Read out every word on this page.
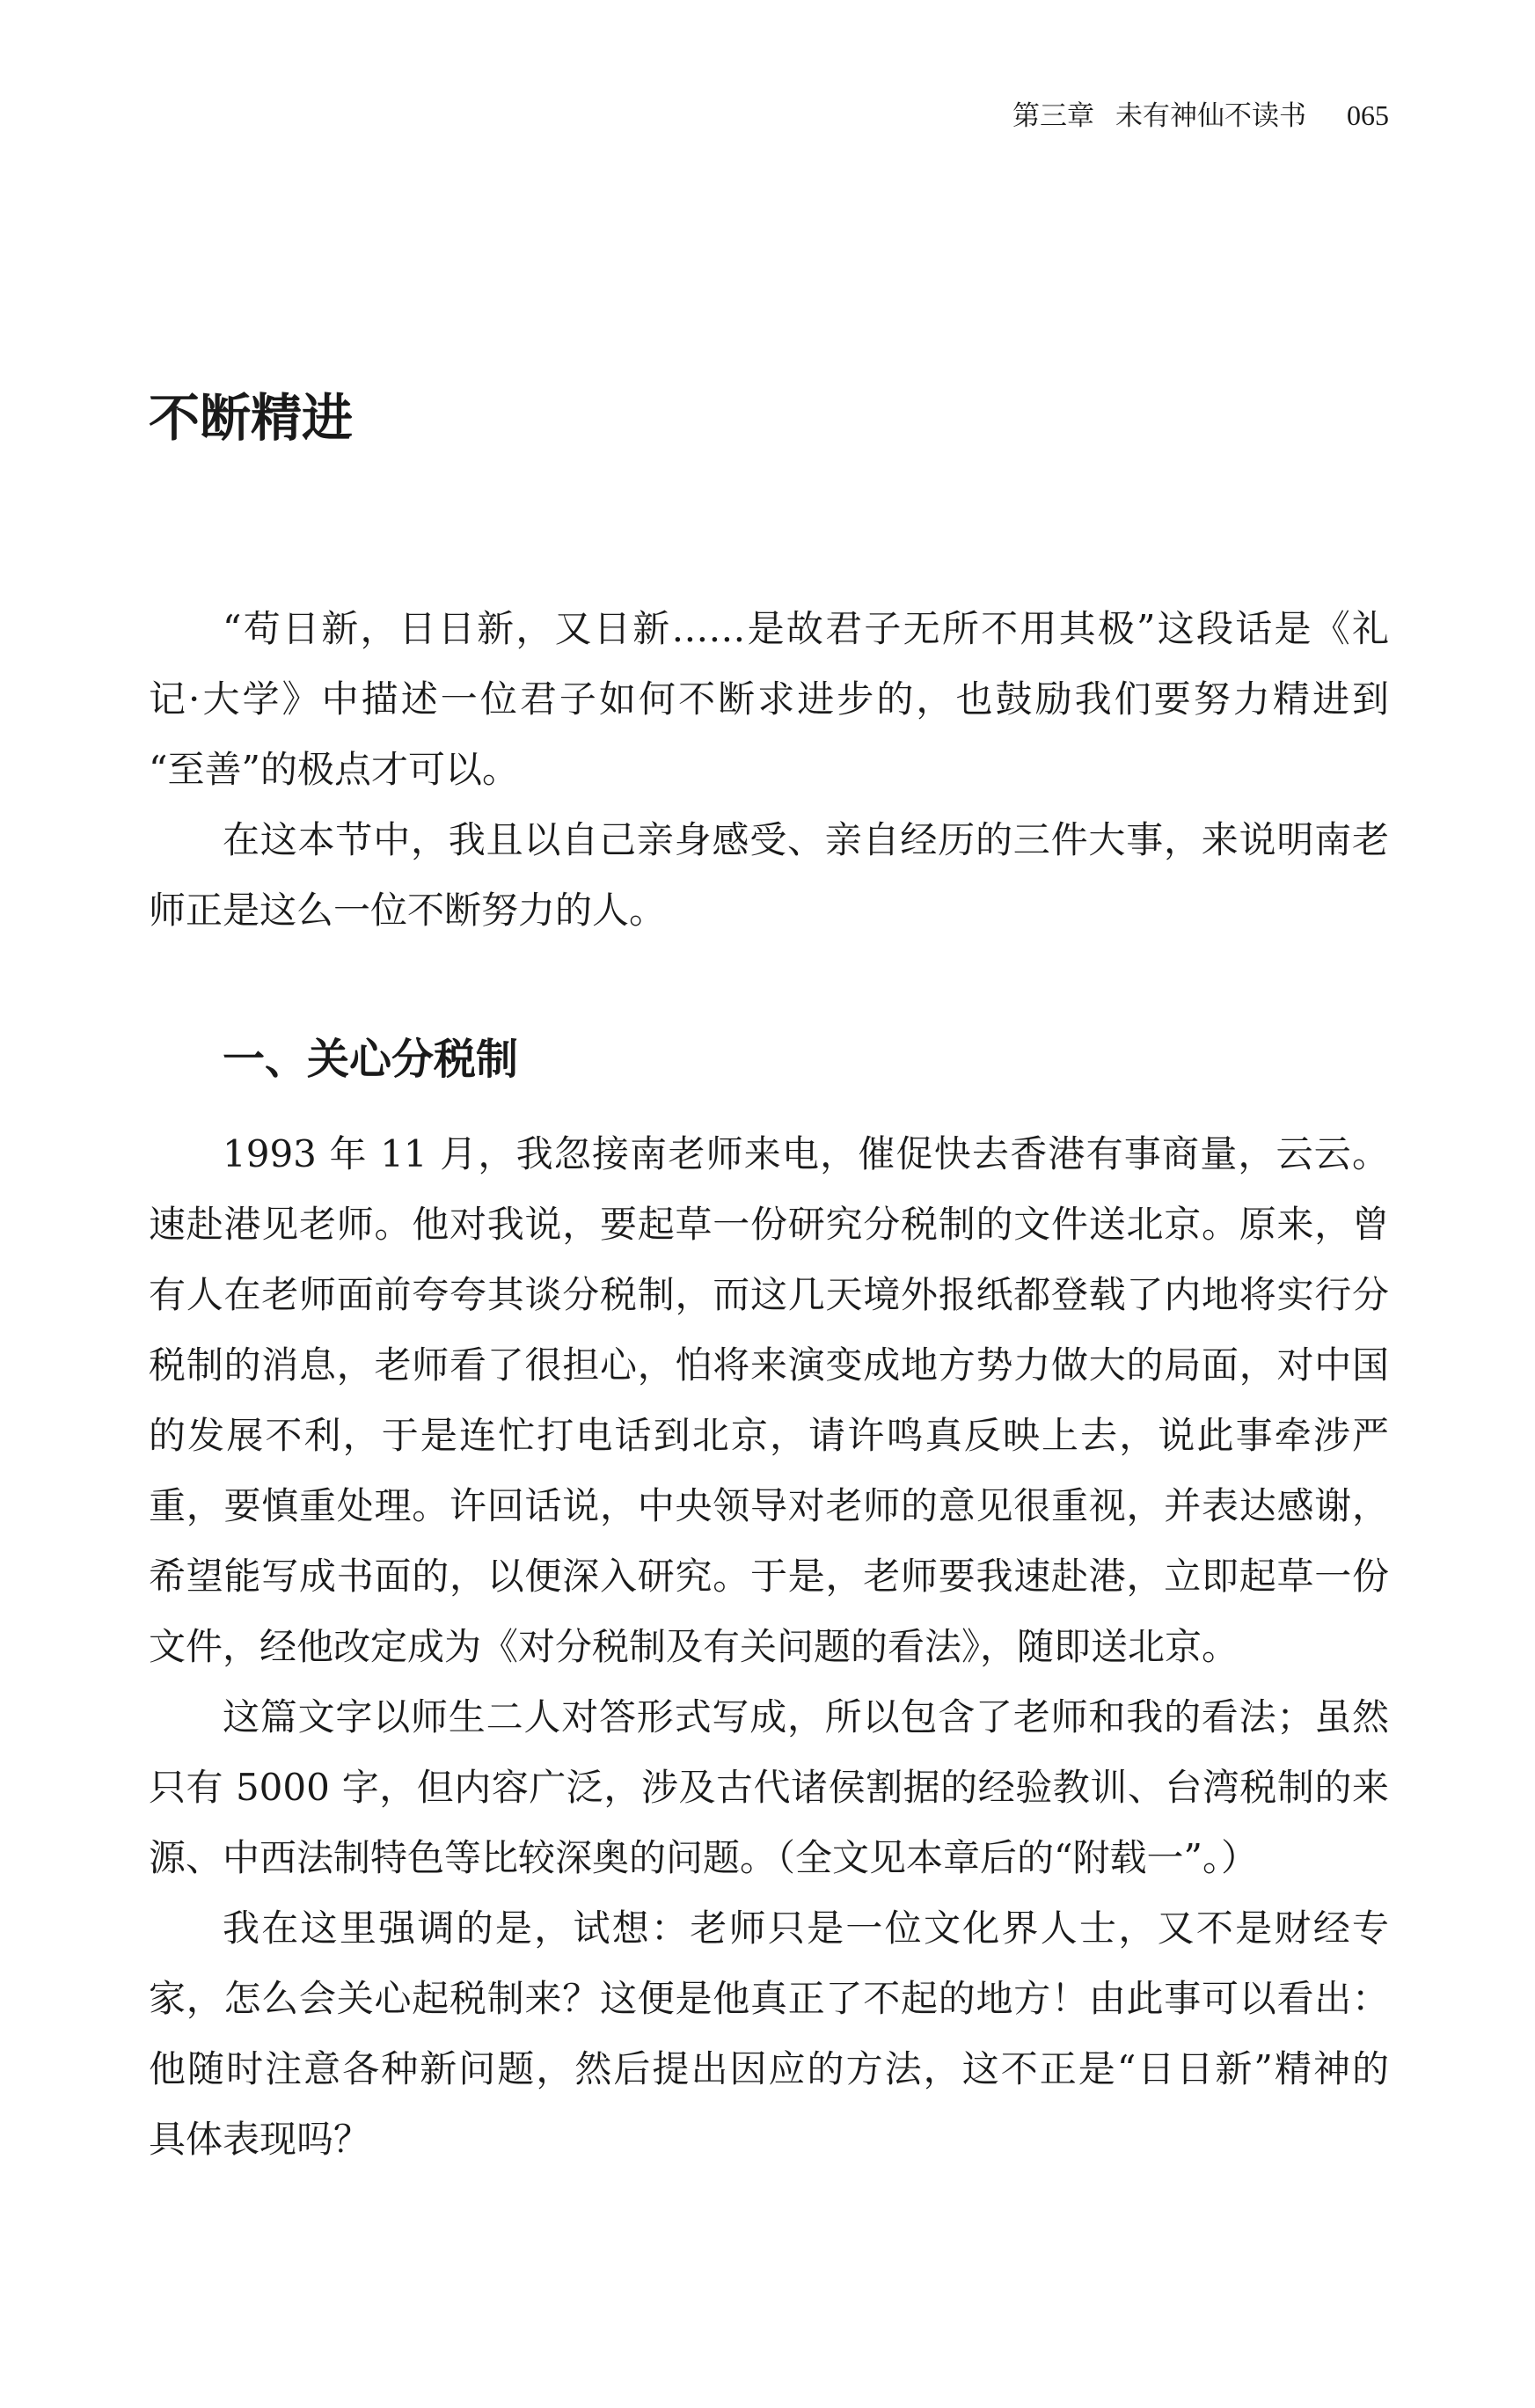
第三章 未有神仙不读书 065
不断精进

“苟日新，日日新，又日新……是故君子无所不用其极”这段话是《礼
记·大学》中描述一位君子如何不断求进步的，也鼓励我们要努力精进到
“至善”的极点才可以。

在这本节中，我且以自己亲身感受、亲自经历的三件大事，来说明南老
师正是这么一位不断努力的人。

一、关心分税制

1993 年 11 月，我忽接南老师来电，催促快去香港有事商量，云云。
速赴港见老师。他对我说，要起草一份研究分税制的文件送北京。原来，曾
有人在老师面前夸夸其谈分税制，而这几天境外报纸都登载了内地将实行分
税制的消息，老师看了很担心，怕将来演变成地方势力做大的局面，对中国
的发展不利，于是连忙打电话到北京，请许鸣真反映上去，说此事牵涉严
重，要慎重处理。许回话说，中央领导对老师的意见很重视，并表达感谢，
希望能写成书面的，以便深入研究。于是，老师要我速赴港，立即起草一份
文件，经他改定成为《对分税制及有关问题的看法》，随即送北京。

这篇文字以师生二人对答形式写成，所以包含了老师和我的看法；虽然
只有 5000 字，但内容广泛，涉及古代诸侯割据的经验教训、台湾税制的来
源、中西法制特色等比较深奥的问题。（全文见本章后的“附载一”。）

我在这里强调的是，试想：老师只是一位文化界人士，又不是财经专
家，怎么会关心起税制来？这便是他真正了不起的地方！由此事可以看出：
他随时注意各种新问题，然后提出因应的方法，这不正是“日日新”精神的
具体表现吗？
